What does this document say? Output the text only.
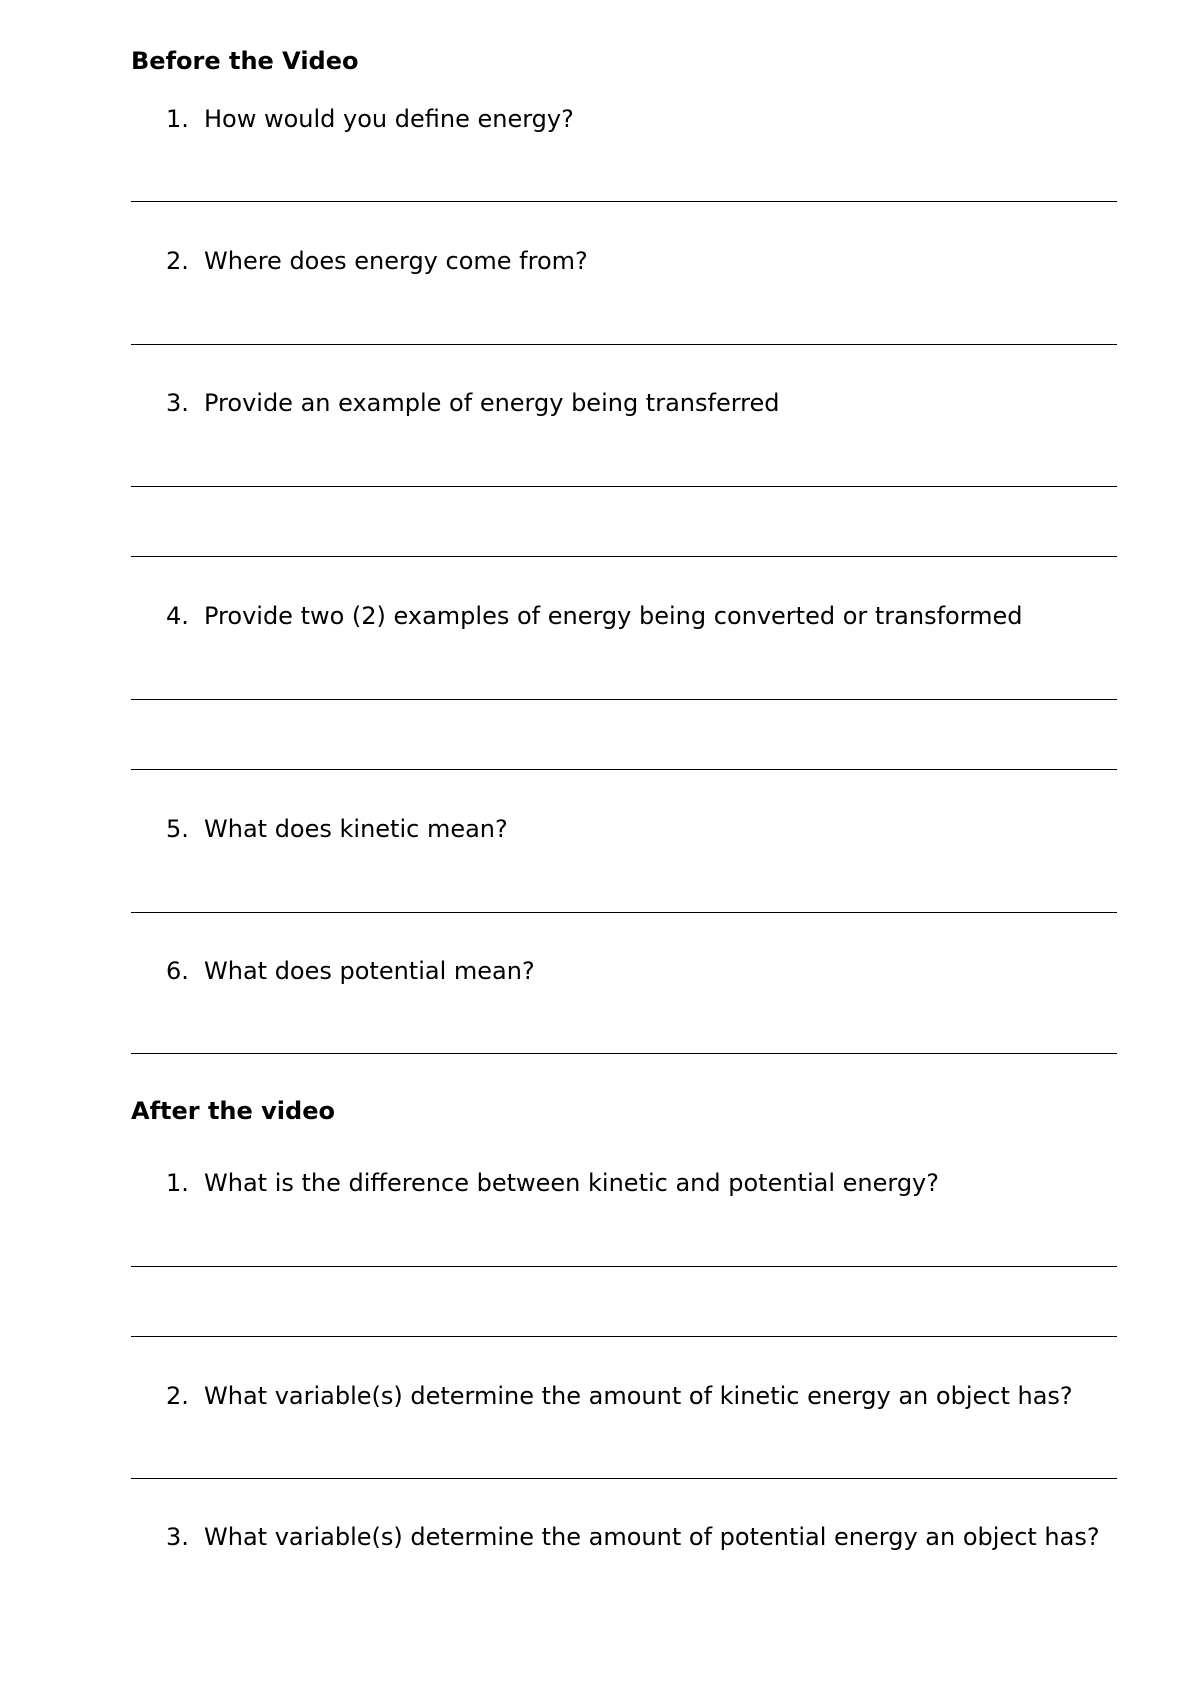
Before the Video
1. How would you define energy?
2. Where does energy come from?
3. Provide an example of energy being transferred
4. Provide two (2) examples of energy being converted or transformed
5. What does kinetic mean?
6. What does potential mean?
After the video
1. What is the difference between kinetic and potential energy?
2. What variable(s) determine the amount of kinetic energy an object has?
3. What variable(s) determine the amount of potential energy an object has?
